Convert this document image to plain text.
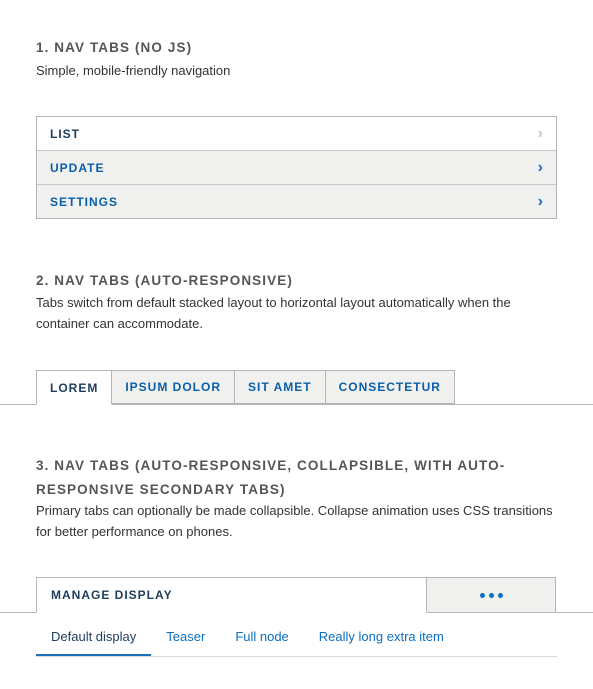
1. NAV TABS (NO JS)

Simple, mobile-friendly navigation

LIST	›
UPDATE	›
SETTINGS	›
2. NAV TABS (AUTO-RESPONSIVE)

Tabs switch from default stacked layout to horizontal layout automatically when the container can accommodate.

LOREM	IPSUM DOLOR	SIT AMET	CONSECTETUR
3. NAV TABS (AUTO-RESPONSIVE, COLLAPSIBLE, WITH AUTO-
RESPONSIVE SECONDARY TABS)

Primary tabs can optionally be made collapsible. Collapse animation uses CSS transitions for better performance on phones.

MANAGE DISPLAY
Default display	Teaser	Full node	Really long extra item
